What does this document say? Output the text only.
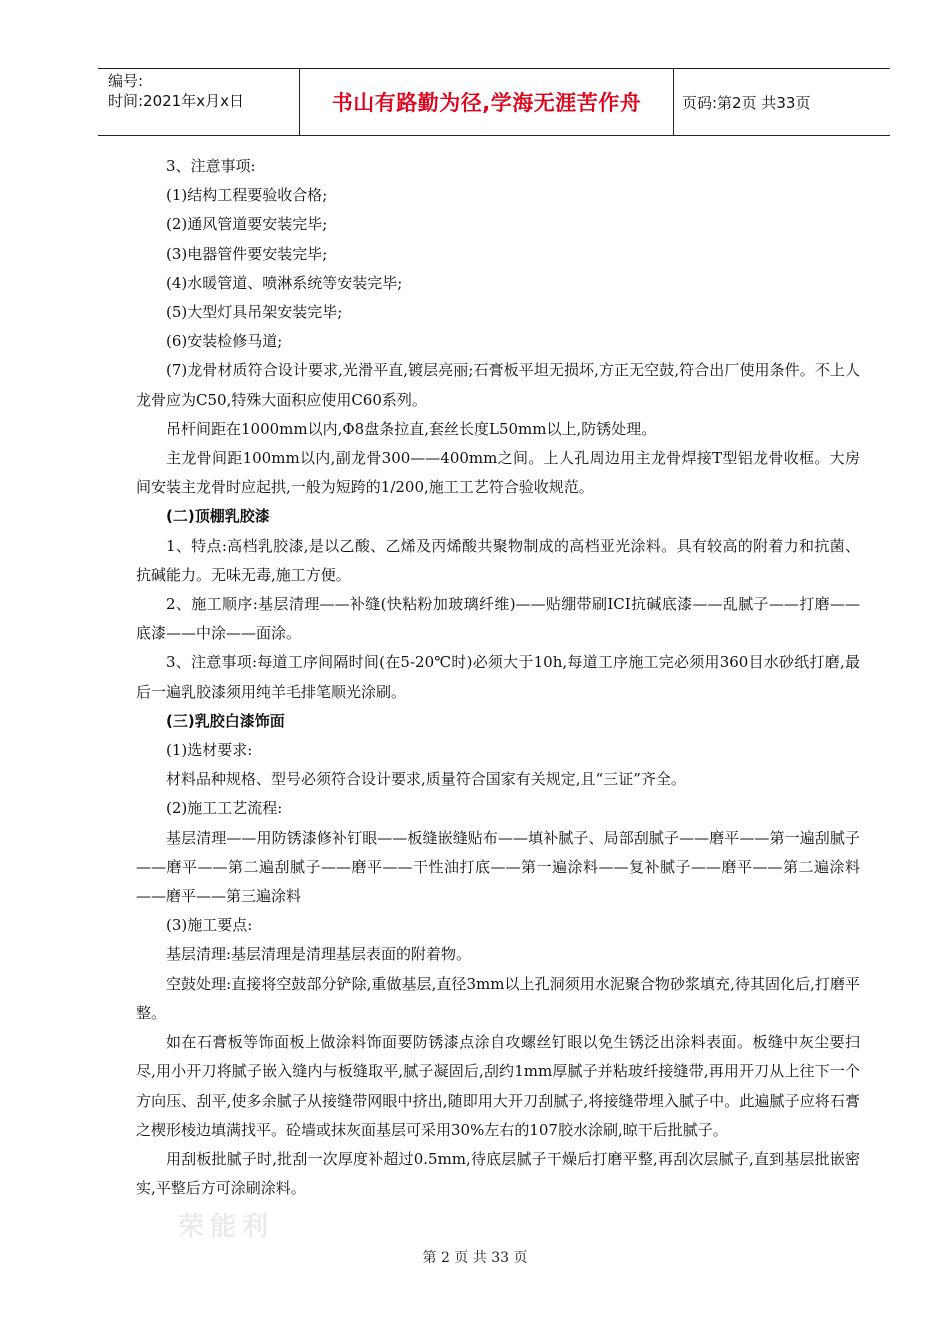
编号:
时间:2021年x月x日	书山有路勤为径,学海无涯苦作舟	页码:第2页 共33页

3、注意事项:

(1)结构工程要验收合格;

(2)通风管道要安装完毕;

(3)电器管件要安装完毕;

(4)水暖管道、喷淋系统等安装完毕;

(5)大型灯具吊架安装完毕;

(6)安装检修马道;

(7)龙骨材质符合设计要求,光滑平直,镀层亮丽;石膏板平坦无损坏,方正无空鼓,符合出厂使用条件。不上人龙骨应为C50,特殊大面积应使用C60系列。

吊杆间距在1000mm以内,Φ8盘条拉直,套丝长度L50mm以上,防锈处理。

主龙骨间距100mm以内,副龙骨300——400mm之间。上人孔周边用主龙骨焊接T型铝龙骨收框。大房间安装主龙骨时应起拱,一般为短跨的1/200,施工工艺符合验收规范。

(二)顶棚乳胶漆

1、特点:高档乳胶漆,是以乙酸、乙烯及丙烯酸共聚物制成的高档亚光涂料。具有较高的附着力和抗菌、抗碱能力。无味无毒,施工方便。

2、施工顺序:基层清理——补缝(快粘粉加玻璃纤维)——贴绷带刷ICI抗碱底漆——乱腻子——打磨——底漆——中涂——面涂。

3、注意事项:每道工序间隔时间(在5-20℃时)必须大于10h,每道工序施工完必须用360目水砂纸打磨,最后一遍乳胶漆须用纯羊毛排笔顺光涂刷。

(三)乳胶白漆饰面

(1)选材要求:

材料品种规格、型号必须符合设计要求,质量符合国家有关规定,且“三证”齐全。

(2)施工工艺流程:

基层清理——用防锈漆修补钉眼——板缝嵌缝贴布——填补腻子、局部刮腻子——磨平——第一遍刮腻子——磨平——第二遍刮腻子——磨平——干性油打底——第一遍涂料——复补腻子——磨平——第二遍涂料——磨平——第三遍涂料

(3)施工要点:

基层清理:基层清理是清理基层表面的附着物。

空鼓处理:直接将空鼓部分铲除,重做基层,直径3mm以上孔洞须用水泥聚合物砂浆填充,待其固化后,打磨平整。

如在石膏板等饰面板上做涂料饰面要防锈漆点涂自攻螺丝钉眼以免生锈泛出涂料表面。板缝中灰尘要扫尽,用小开刀将腻子嵌入缝内与板缝取平,腻子凝固后,刮约1mm厚腻子并粘玻纤接缝带,再用开刀从上往下一个方向压、刮平,使多余腻子从接缝带网眼中挤出,随即用大开刀刮腻子,将接缝带埋入腻子中。此遍腻子应将石膏之楔形棱边填满找平。砼墙或抹灰面基层可采用30%左右的107胶水涂刷,晾干后批腻子。

用刮板批腻子时,批刮一次厚度补超过0.5mm,待底层腻子干燥后打磨平整,再刮次层腻子,直到基层批嵌密实,平整后方可涂刷涂料。

荣能利
第 2 页 共 33 页
